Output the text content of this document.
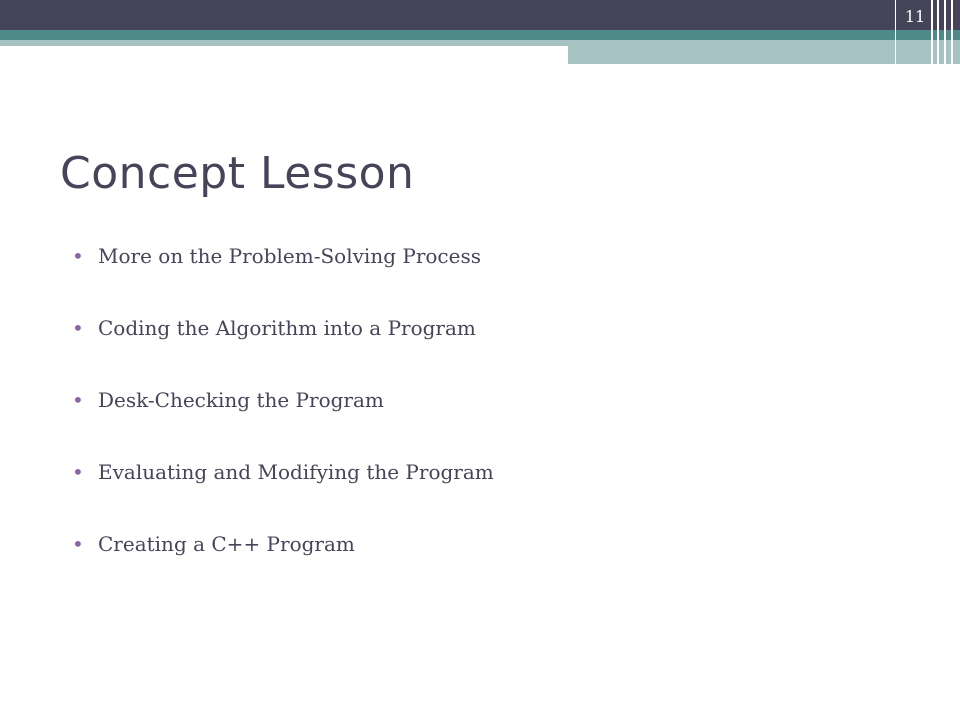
11
Concept Lesson
• More on the Problem-Solving Process
• Coding the Algorithm into a Program
• Desk-Checking the Program
• Evaluating and Modifying the Program
• Creating a C++ Program
